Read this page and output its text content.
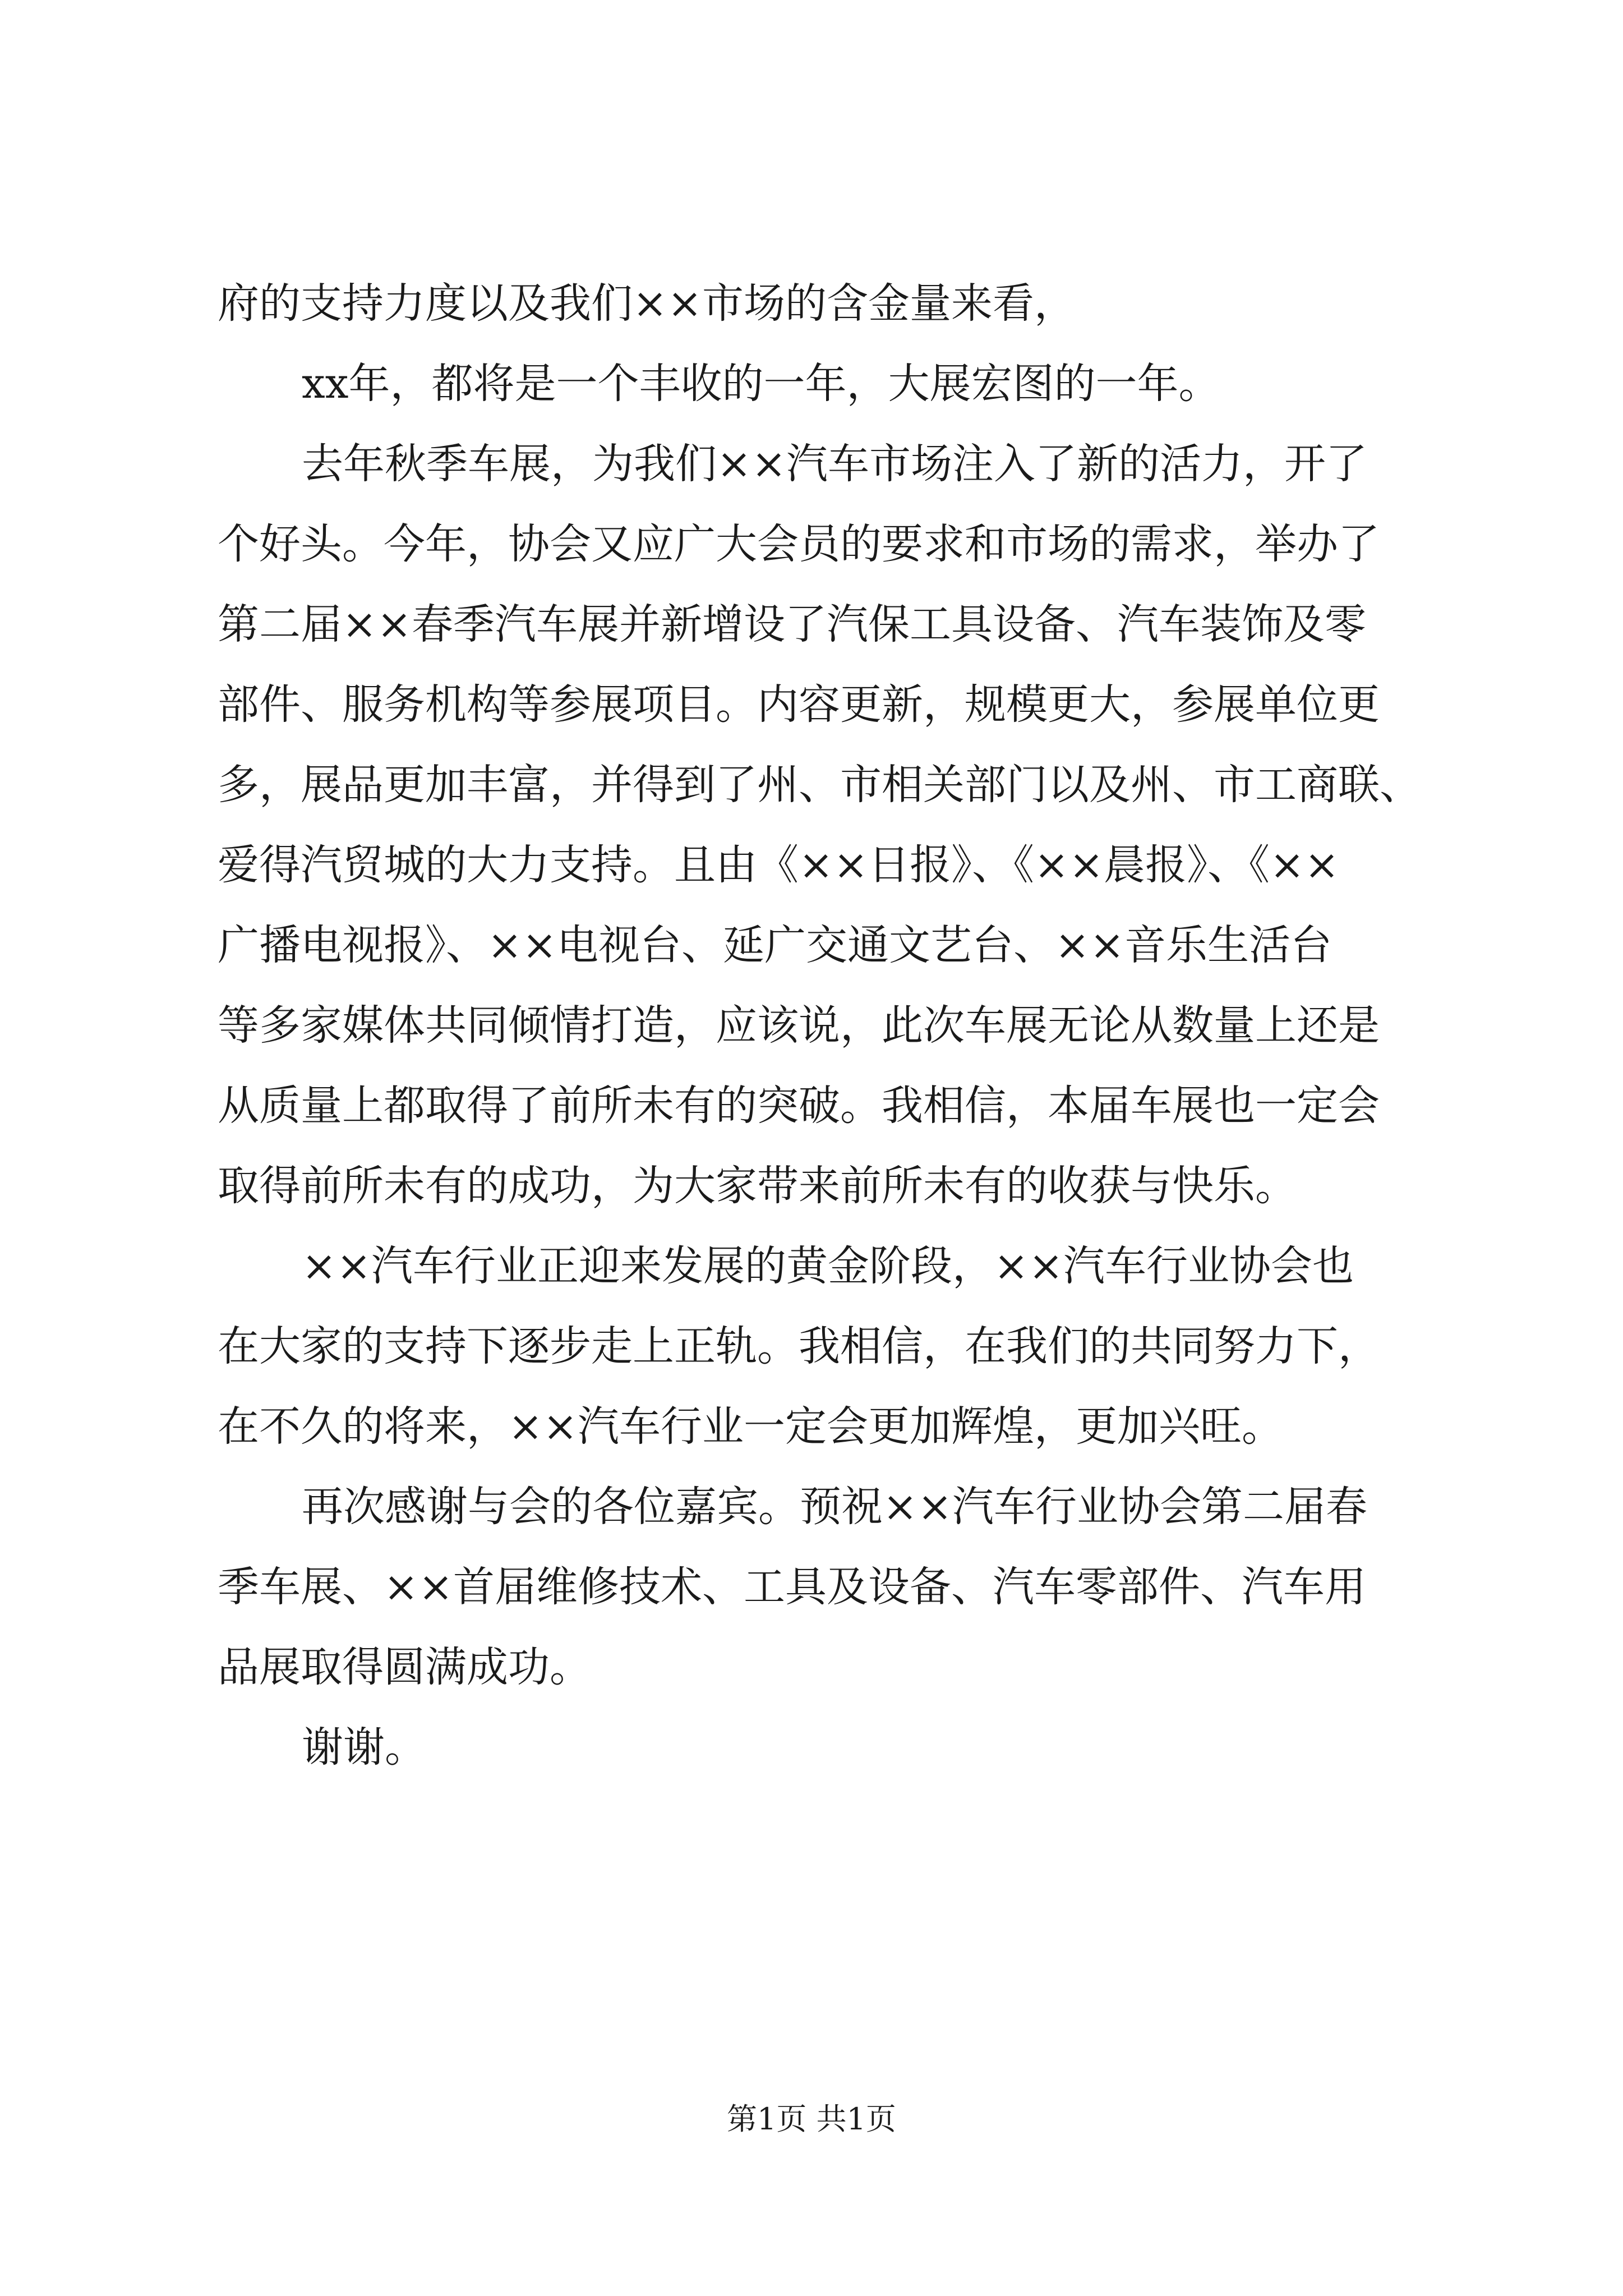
府的支持力度以及我们××市场的含金量来看，
xx年，都将是一个丰收的一年，大展宏图的一年。
去年秋季车展，为我们××汽车市场注入了新的活力，开了
个好头。今年，协会又应广大会员的要求和市场的需求，举办了
第二届××春季汽车展并新增设了汽保工具设备、汽车装饰及零
部件、服务机构等参展项目。内容更新，规模更大，参展单位更
多，展品更加丰富，并得到了州、市相关部门以及州、市工商联、
爱得汽贸城的大力支持。且由《××日报》、《××晨报》、《××
广播电视报》、××电视台、延广交通文艺台、××音乐生活台
等多家媒体共同倾情打造，应该说，此次车展无论从数量上还是
从质量上都取得了前所未有的突破。我相信，本届车展也一定会
取得前所未有的成功，为大家带来前所未有的收获与快乐。
××汽车行业正迎来发展的黄金阶段，××汽车行业协会也
在大家的支持下逐步走上正轨。我相信，在我们的共同努力下，
在不久的将来，××汽车行业一定会更加辉煌，更加兴旺。
再次感谢与会的各位嘉宾。预祝××汽车行业协会第二届春
季车展、××首届维修技术、工具及设备、汽车零部件、汽车用
品展取得圆满成功。
谢谢。
第1页 共1页
